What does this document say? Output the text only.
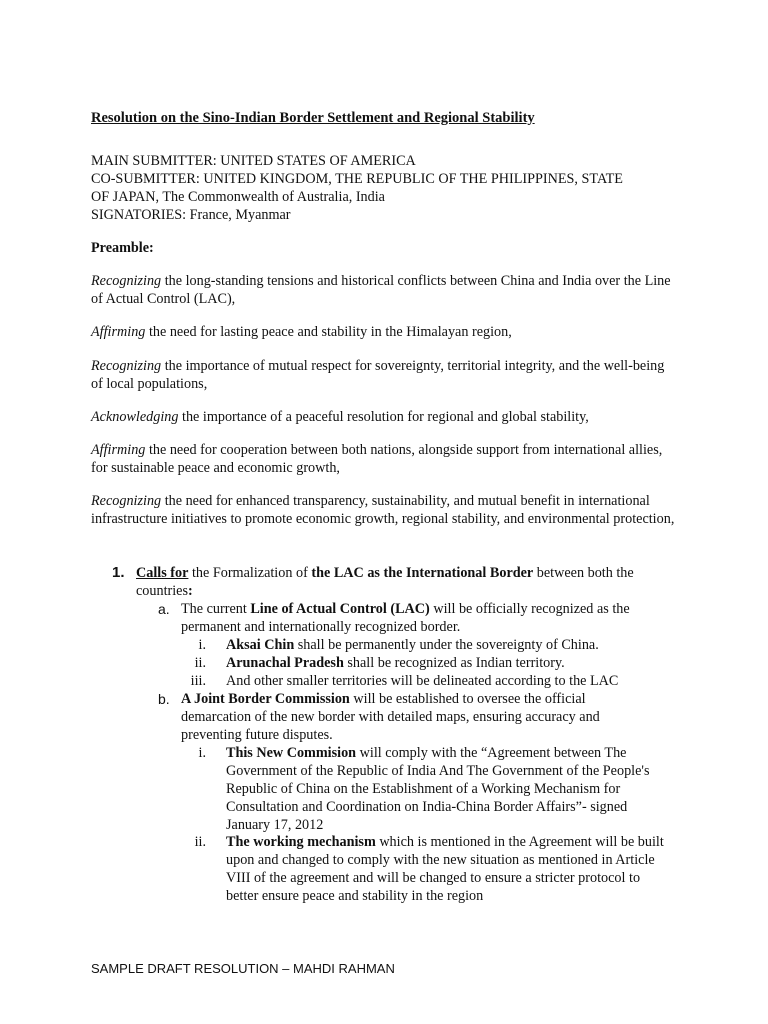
Resolution on the Sino-Indian Border Settlement and Regional Stability
MAIN SUBMITTER: UNITED STATES OF AMERICA
CO-SUBMITTER: UNITED KINGDOM, THE REPUBLIC OF THE PHILIPPINES, STATE
OF JAPAN, The Commonwealth of Australia, India
SIGNATORIES: France, Myanmar
Preamble:

Recognizing the long-standing tensions and historical conflicts between China and India over the Line of Actual Control (LAC),

Affirming the need for lasting peace and stability in the Himalayan region,

Recognizing the importance of mutual respect for sovereignty, territorial integrity, and the well-being of local populations,

Acknowledging the importance of a peaceful resolution for regional and global stability,

Affirming the need for cooperation between both nations, alongside support from international allies, for sustainable peace and economic growth,

Recognizing the need for enhanced transparency, sustainability, and mutual benefit in international infrastructure initiatives to promote economic growth, regional stability, and environmental protection,

1. Calls for the Formalization of the LAC as the International Border between both the countries:
a. The current Line of Actual Control (LAC) will be officially recognized as the permanent and internationally recognized border.
i. Aksai Chin shall be permanently under the sovereignty of China.
ii. Arunachal Pradesh shall be recognized as Indian territory.
iii. And other smaller territories will be delineated according to the LAC
b. A Joint Border Commission will be established to oversee the official demarcation of the new border with detailed maps, ensuring accuracy and preventing future disputes.
i. This New Commision will comply with the “Agreement between The Government of the Republic of India And The Government of the People's Republic of China on the Establishment of a Working Mechanism for Consultation and Coordination on India-China Border Affairs”- signed January 17, 2012
ii. The working mechanism which is mentioned in the Agreement will be built upon and changed to comply with the new situation as mentioned in Article VIII of the agreement and will be changed to ensure a stricter protocol to better ensure peace and stability in the region
SAMPLE DRAFT RESOLUTION – MAHDI RAHMAN
